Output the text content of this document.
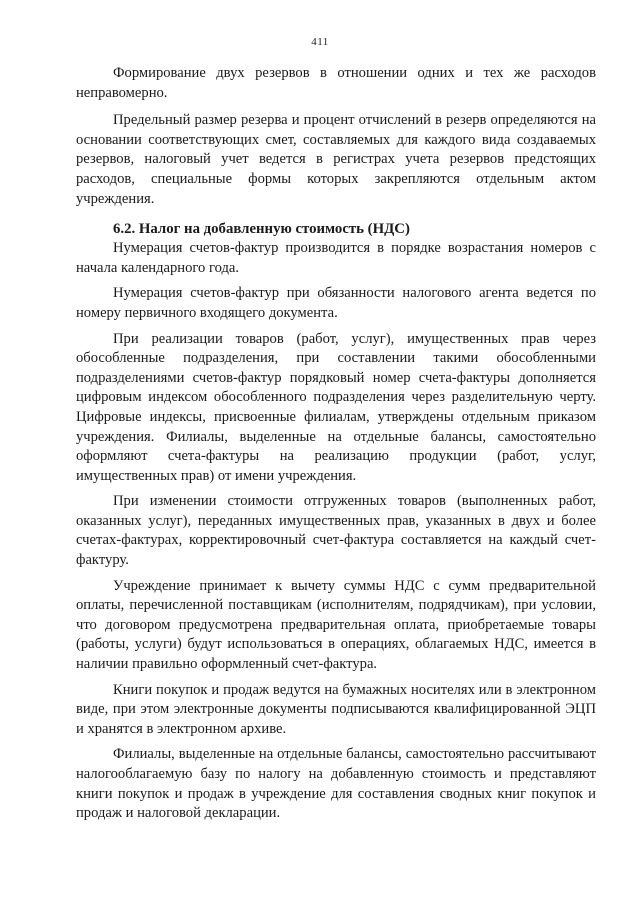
411

Формирование двух резервов в отношении одних и тех же расходов неправомерно.

Предельный размер резерва и процент отчислений в резерв определяются на основании соответствующих смет, составляемых для каждого вида создаваемых резервов, налоговый учет ведется в регистрах учета резервов предстоящих расходов, специальные формы которых закрепляются отдельным актом учреждения.

6.2. Налог на добавленную стоимость (НДС)

Нумерация счетов-фактур производится в порядке возрастания номеров с начала календарного года.

Нумерация счетов-фактур при обязанности налогового агента ведется по номеру первичного входящего документа.

При реализации товаров (работ, услуг), имущественных прав через обособленные подразделения, при составлении такими обособленными подразделениями счетов-фактур порядковый номер счета-фактуры дополняется цифровым индексом обособленного подразделения через разделительную черту. Цифровые индексы, присвоенные филиалам, утверждены отдельным приказом учреждения. Филиалы, выделенные на отдельные балансы, самостоятельно оформляют счета-фактуры на реализацию продукции (работ, услуг, имущественных прав) от имени учреждения.

При изменении стоимости отгруженных товаров (выполненных работ, оказанных услуг), переданных имущественных прав, указанных в двух и более счетах-фактурах, корректировочный счет-фактура составляется на каждый счет-фактуру.

Учреждение принимает к вычету суммы НДС с сумм предварительной оплаты, перечисленной поставщикам (исполнителям, подрядчикам), при условии, что договором предусмотрена предварительная оплата, приобретаемые товары (работы, услуги) будут использоваться в операциях, облагаемых НДС, имеется в наличии правильно оформленный счет-фактура.

Книги покупок и продаж ведутся на бумажных носителях или в электронном виде, при этом электронные документы подписываются квалифицированной ЭЦП и хранятся в электронном архиве.

Филиалы, выделенные на отдельные балансы, самостоятельно рассчитывают налогооблагаемую базу по налогу на добавленную стоимость и представляют книги покупок и продаж в учреждение для составления сводных книг покупок и продаж и налоговой декларации.
